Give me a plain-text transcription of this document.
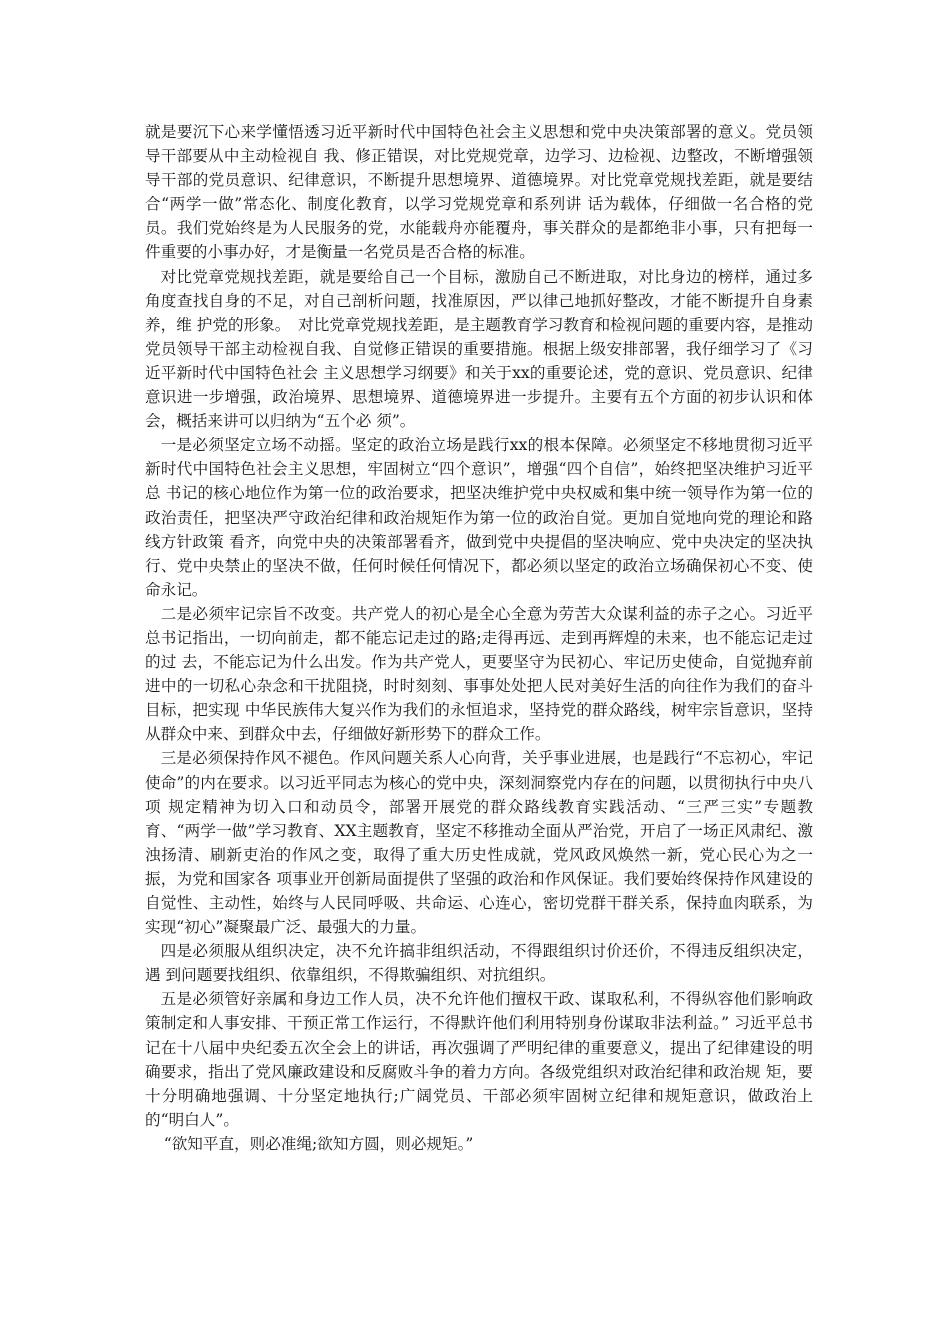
就是要沉下心来学懂悟透习近平新时代中国特色社会主义思想和党中央决策部署的意义。党员领导干部要从中主动检视自 我、修正错误，对比党规党章，边学习、边检视、边整改，不断增强领导干部的党员意识、纪律意识，不断提升思想境界、道德境界。对比党章党规找差距，就是要结合“两学一做”常态化、制度化教育，以学习党规党章和系列讲 话为载体，仔细做一名合格的党员。我们党始终是为人民服务的党，水能载舟亦能覆舟，事关群众的是都绝非小事，只有把每一件重要的小事办好，才是衡量一名党员是否合格的标准。

对比党章党规找差距，就是要给自己一个目标，激励自己不断进取，对比身边的榜样，通过多角度查找自身的不足，对自己剖析问题，找准原因，严以律己地抓好整改，才能不断提升自身素养，维 护党的形象。　对比党章党规找差距，是主题教育学习教育和检视问题的重要内容，是推动党员领导干部主动检视自我、自觉修正错误的重要措施。根据上级安排部署，我仔细学习了《习近平新时代中国特色社会 主义思想学习纲要》和关于xx的重要论述，党的意识、党员意识、纪律意识进一步增强，政治境界、思想境界、道德境界进一步提升。主要有五个方面的初步认识和体会，概括来讲可以归纳为“五个必 须”。

一是必须坚定立场不动摇。坚定的政治立场是践行xx的根本保障。必须坚定不移地贯彻习近平新时代中国特色社会主义思想，牢固树立“四个意识”，增强“四个自信”，始终把坚决维护习近平总 书记的核心地位作为第一位的政治要求，把坚决维护党中央权威和集中统一领导作为第一位的政治责任，把坚决严守政治纪律和政治规矩作为第一位的政治自觉。更加自觉地向党的理论和路线方针政策 看齐，向党中央的决策部署看齐，做到党中央提倡的坚决响应、党中央决定的坚决执行、党中央禁止的坚决不做，任何时候任何情况下，都必须以坚定的政治立场确保初心不变、使命永记。

二是必须牢记宗旨不改变。共产党人的初心是全心全意为劳苦大众谋利益的赤子之心。习近平总书记指出，一切向前走，都不能忘记走过的路;走得再远、走到再辉煌的未来，也不能忘记走过的过 去，不能忘记为什么出发。作为共产党人，更要坚守为民初心、牢记历史使命，自觉抛弃前进中的一切私心杂念和干扰阻挠，时时刻刻、事事处处把人民对美好生活的向往作为我们的奋斗目标，把实现 中华民族伟大复兴作为我们的永恒追求，坚持党的群众路线，树牢宗旨意识，坚持从群众中来、到群众中去，仔细做好新形势下的群众工作。

三是必须保持作风不褪色。作风问题关系人心向背，关乎事业进展，也是践行“不忘初心，牢记使命”的内在要求。以习近平同志为核心的党中央，深刻洞察党内存在的问题，以贯彻执行中央八项 规定精神为切入口和动员令，部署开展党的群众路线教育实践活动、“三严三实”专题教育、“两学一做”学习教育、XX主题教育，坚定不移推动全面从严治党，开启了一场正风肃纪、激浊扬清、刷新吏治的作风之变，取得了重大历史性成就，党风政风焕然一新，党心民心为之一振，为党和国家各 项事业开创新局面提供了坚强的政治和作风保证。我们要始终保持作风建设的自觉性、主动性，始终与人民同呼吸、共命运、心连心，密切党群干群关系，保持血肉联系，为实现“初心”凝聚最广泛、最强大的力量。

四是必须服从组织决定，决不允许搞非组织活动，不得跟组织讨价还价，不得违反组织决定，遇 到问题要找组织、依靠组织，不得欺骗组织、对抗组织。

五是必须管好亲属和身边工作人员，决不允许他们擅权干政、谋取私利，不得纵容他们影响政策制定和人事安排、干预正常工作运行，不得默许他们利用特别身份谋取非法利益。” 习近平总书记在十八届中央纪委五次全会上的讲话，再次强调了严明纪律的重要意义，提出了纪律建设的明确要求，指出了党风廉政建设和反腐败斗争的着力方向。各级党组织对政治纪律和政治规 矩，要十分明确地强调、十分坚定地执行;广阔党员、干部必须牢固树立纪律和规矩意识，做政治上 的“明白人”。

“欲知平直，则必准绳;欲知方圆，则必规矩。”
